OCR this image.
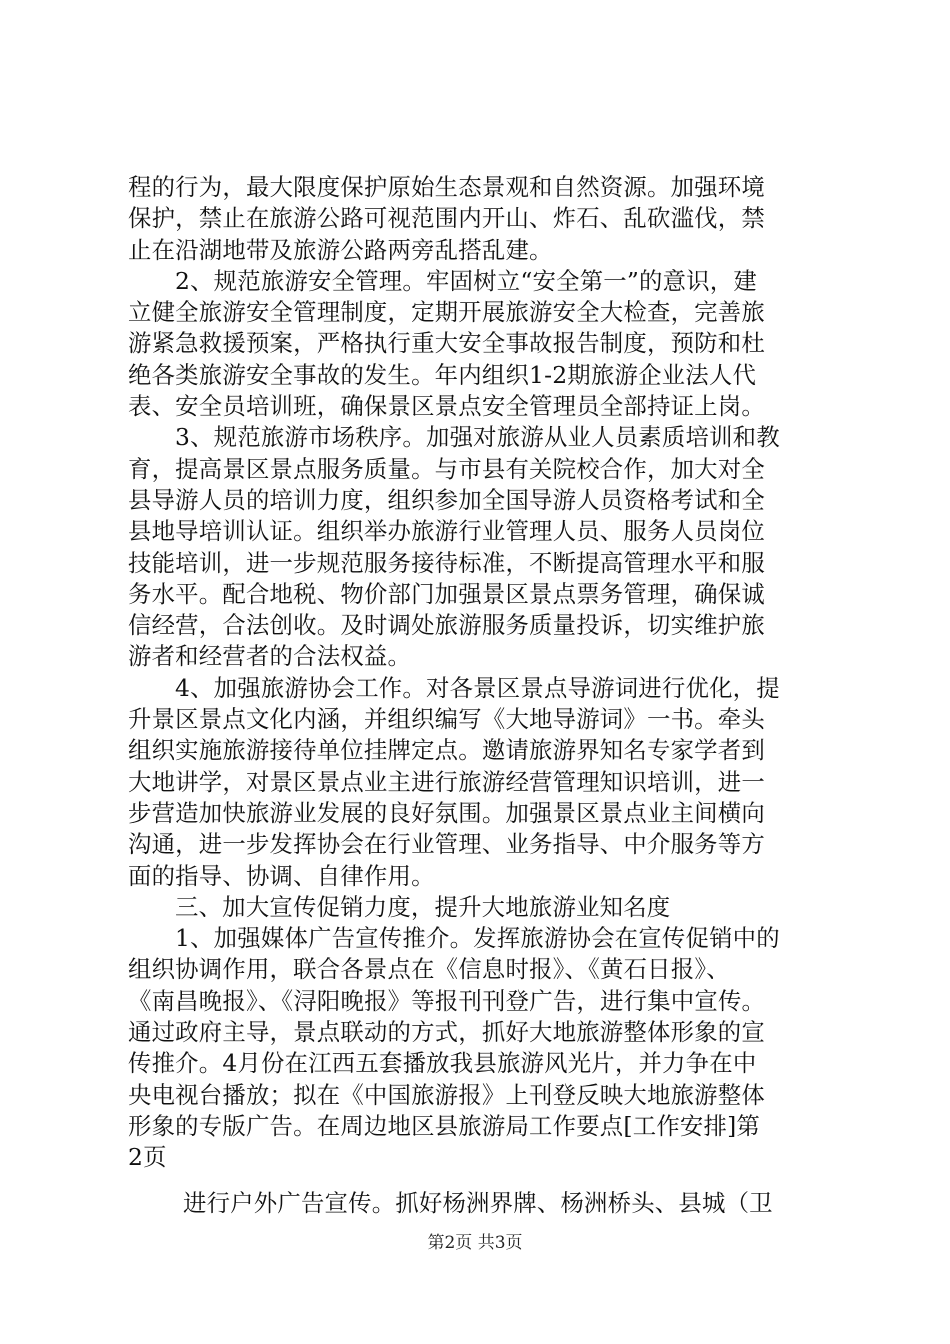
程的行为，最大限度保护原始生态景观和自然资源。加强环境
保护，禁止在旅游公路可视范围内开山、炸石、乱砍滥伐，禁
止在沿湖地带及旅游公路两旁乱搭乱建。
2、规范旅游安全管理。牢固树立“安全第一”的意识，建
立健全旅游安全管理制度，定期开展旅游安全大检查，完善旅
游紧急救援预案，严格执行重大安全事故报告制度，预防和杜
绝各类旅游安全事故的发生。年内组织1-2期旅游企业法人代
表、安全员培训班，确保景区景点安全管理员全部持证上岗。
3、规范旅游市场秩序。加强对旅游从业人员素质培训和教
育，提高景区景点服务质量。与市县有关院校合作，加大对全
县导游人员的培训力度，组织参加全国导游人员资格考试和全
县地导培训认证。组织举办旅游行业管理人员、服务人员岗位
技能培训，进一步规范服务接待标准，不断提高管理水平和服
务水平。配合地税、物价部门加强景区景点票务管理，确保诚
信经营，合法创收。及时调处旅游服务质量投诉，切实维护旅
游者和经营者的合法权益。
4、加强旅游协会工作。对各景区景点导游词进行优化，提
升景区景点文化内涵，并组织编写《大地导游词》一书。牵头
组织实施旅游接待单位挂牌定点。邀请旅游界知名专家学者到
大地讲学，对景区景点业主进行旅游经营管理知识培训，进一
步营造加快旅游业发展的良好氛围。加强景区景点业主间横向
沟通，进一步发挥协会在行业管理、业务指导、中介服务等方
面的指导、协调、自律作用。
三、加大宣传促销力度，提升大地旅游业知名度
1、加强媒体广告宣传推介。发挥旅游协会在宣传促销中的
组织协调作用，联合各景点在《信息时报》、《黄石日报》、
《南昌晚报》、《浔阳晚报》等报刊刊登广告，进行集中宣传。
通过政府主导，景点联动的方式，抓好大地旅游整体形象的宣
传推介。4月份在江西五套播放我县旅游风光片，并力争在中
央电视台播放；拟在《中国旅游报》上刊登反映大地旅游整体
形象的专版广告。在周边地区县旅游局工作要点[工作安排]第
2页
进行户外广告宣传。抓好杨洲界牌、杨洲桥头、县城（卫
第2页 共3页
